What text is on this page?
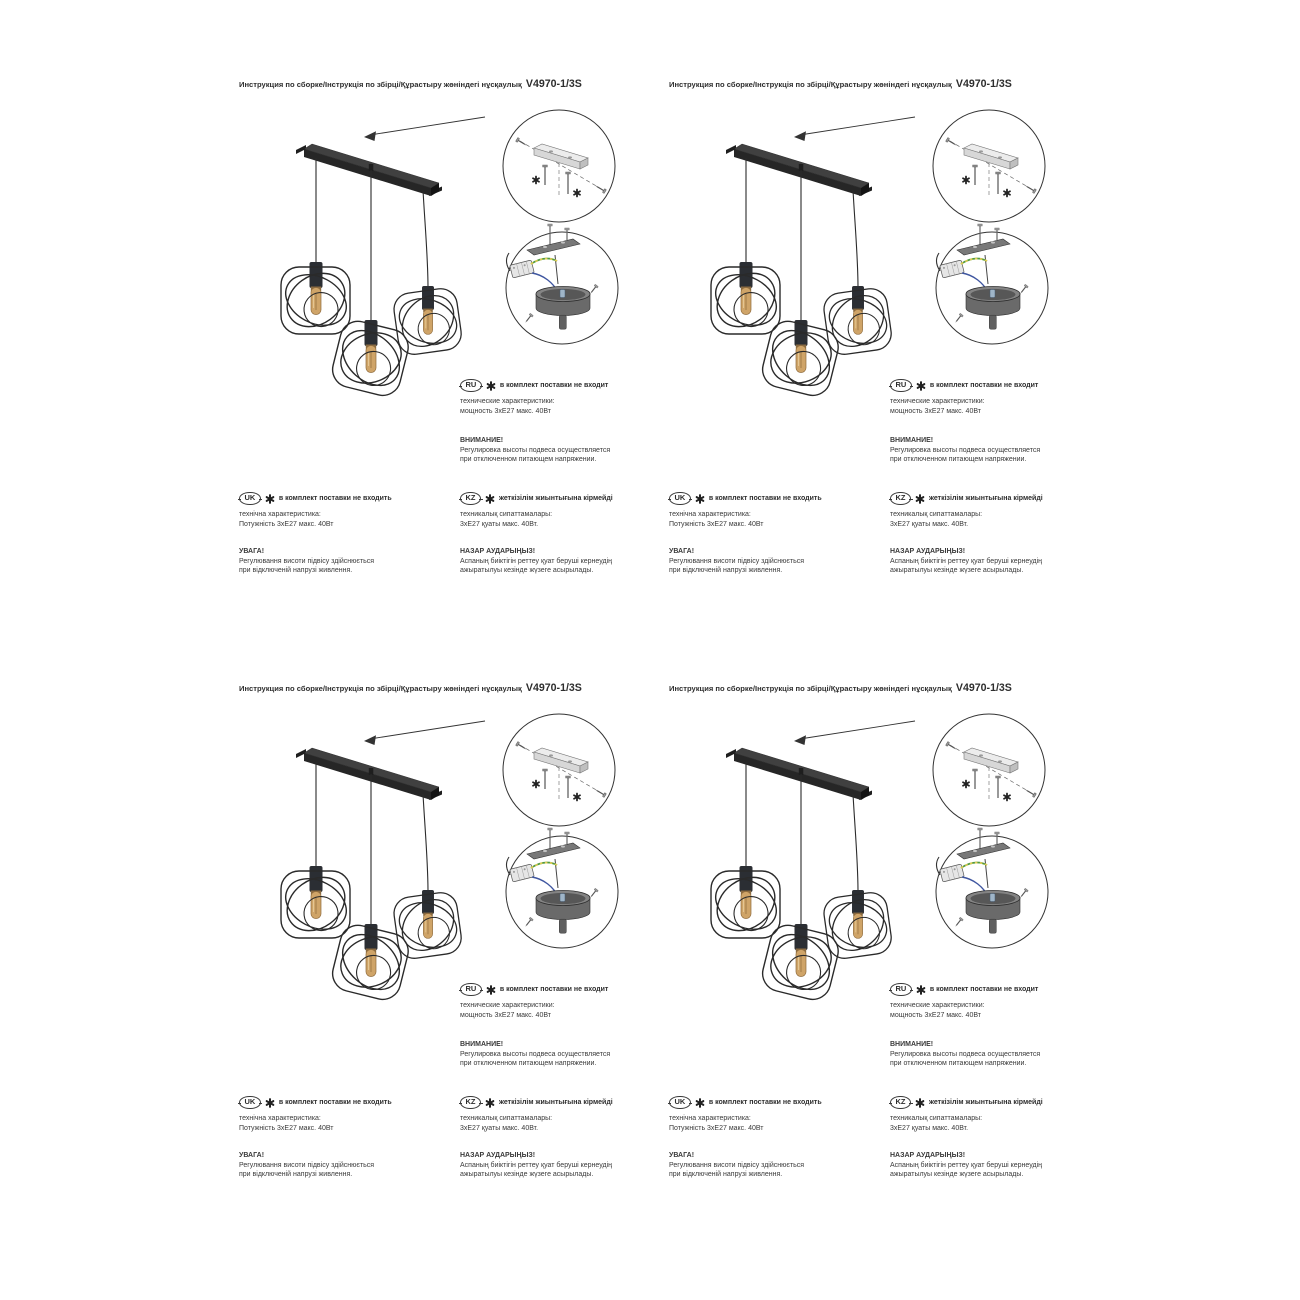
Инструкция по сборке/Інструкція по збірці/Құрастыру жөніндегі нұсқаулық V4970-1/3S
RU	в комплект поставки не входит
технические характеристики:
мощность 3хЕ27 макс. 40Вт
ВНИМАНИЕ!
Регулировка высоты подвеса осуществляется
при отключенном питающем напряжении.
UK	в комплект поставки не входить
технічна характеристика:
Потужність 3хЕ27 макс. 40Вт
УВАГА!
Регулювання висоти підвісу здійснюється
при відключеній напрузі живлення.
KZ	жеткізілім жиынтығына кірмейді
техникалық сипаттамалары:
3хЕ27 қуаты макс. 40Вт.
НАЗАР АУДАРЫҢЫЗ!
Аспаның биіктігін реттеу қуат беруші кернеудің
ажыратылуы кезінде жүзеге асырылады.
Инструкция по сборке/Інструкція по збірці/Құрастыру жөніндегі нұсқаулық V4970-1/3S
RU	в комплект поставки не входит
технические характеристики:
мощность 3хЕ27 макс. 40Вт
ВНИМАНИЕ!
Регулировка высоты подвеса осуществляется
при отключенном питающем напряжении.
UK	в комплект поставки не входить
технічна характеристика:
Потужність 3хЕ27 макс. 40Вт
УВАГА!
Регулювання висоти підвісу здійснюється
при відключеній напрузі живлення.
KZ	жеткізілім жиынтығына кірмейді
техникалық сипаттамалары:
3хЕ27 қуаты макс. 40Вт.
НАЗАР АУДАРЫҢЫЗ!
Аспаның биіктігін реттеу қуат беруші кернеудің
ажыратылуы кезінде жүзеге асырылады.
Инструкция по сборке/Інструкція по збірці/Құрастыру жөніндегі нұсқаулық V4970-1/3S
RU	в комплект поставки не входит
технические характеристики:
мощность 3хЕ27 макс. 40Вт
ВНИМАНИЕ!
Регулировка высоты подвеса осуществляется
при отключенном питающем напряжении.
UK	в комплект поставки не входить
технічна характеристика:
Потужність 3хЕ27 макс. 40Вт
УВАГА!
Регулювання висоти підвісу здійснюється
при відключеній напрузі живлення.
KZ	жеткізілім жиынтығына кірмейді
техникалық сипаттамалары:
3хЕ27 қуаты макс. 40Вт.
НАЗАР АУДАРЫҢЫЗ!
Аспаның биіктігін реттеу қуат беруші кернеудің
ажыратылуы кезінде жүзеге асырылады.
Инструкция по сборке/Інструкція по збірці/Құрастыру жөніндегі нұсқаулық V4970-1/3S
RU	в комплект поставки не входит
технические характеристики:
мощность 3хЕ27 макс. 40Вт
ВНИМАНИЕ!
Регулировка высоты подвеса осуществляется
при отключенном питающем напряжении.
UK	в комплект поставки не входить
технічна характеристика:
Потужність 3хЕ27 макс. 40Вт
УВАГА!
Регулювання висоти підвісу здійснюється
при відключеній напрузі живлення.
KZ	жеткізілім жиынтығына кірмейді
техникалық сипаттамалары:
3хЕ27 қуаты макс. 40Вт.
НАЗАР АУДАРЫҢЫЗ!
Аспаның биіктігін реттеу қуат беруші кернеудің
ажыратылуы кезінде жүзеге асырылады.
